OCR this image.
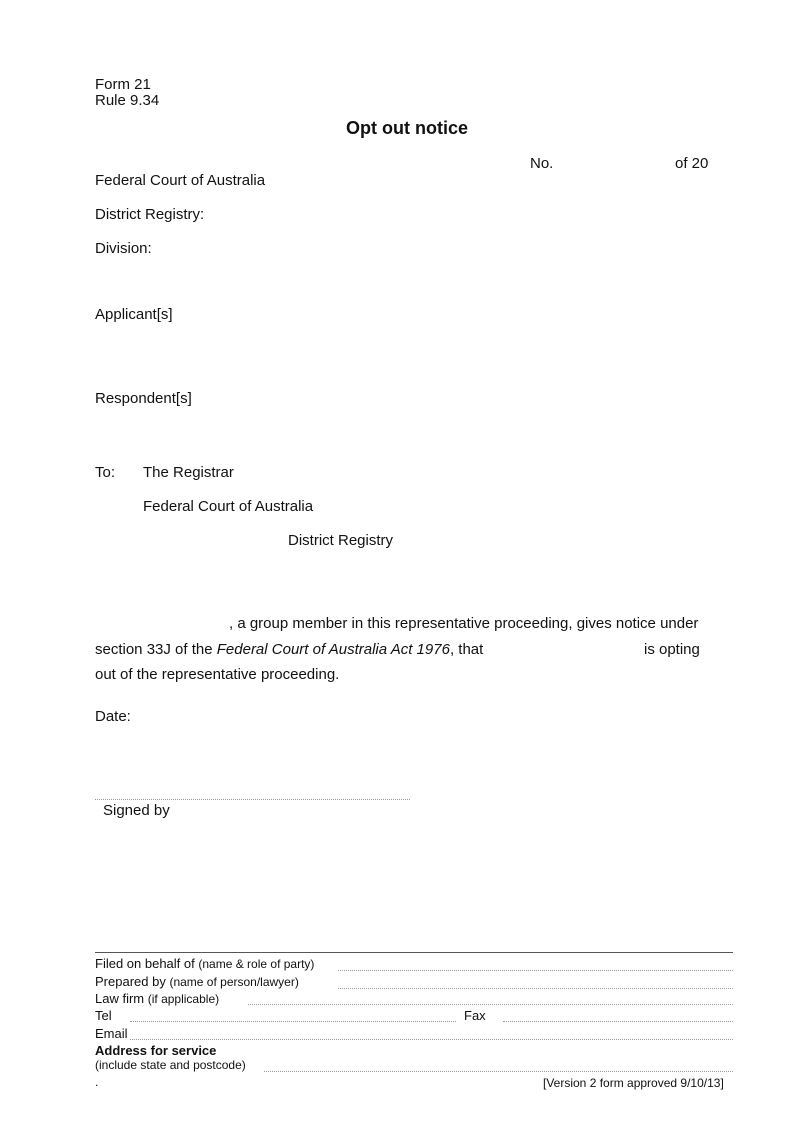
Form 21
Rule 9.34
Opt out notice
No.	of 20
Federal Court of Australia
District Registry:
Division:
Applicant[s]
Respondent[s]
To: The Registrar
Federal Court of Australia
District Registry
, a group member in this representative proceeding, gives notice under
section 33J of the Federal Court of Australia Act 1976, that	is opting
out of the representative proceeding.
Date:
Signed by
Filed on behalf of (name & role of party)
Prepared by (name of person/lawyer)
Law firm (if applicable)
Tel	Fax
Email
Address for service
(include state and postcode)
.	[Version 2 form approved 9/10/13]
